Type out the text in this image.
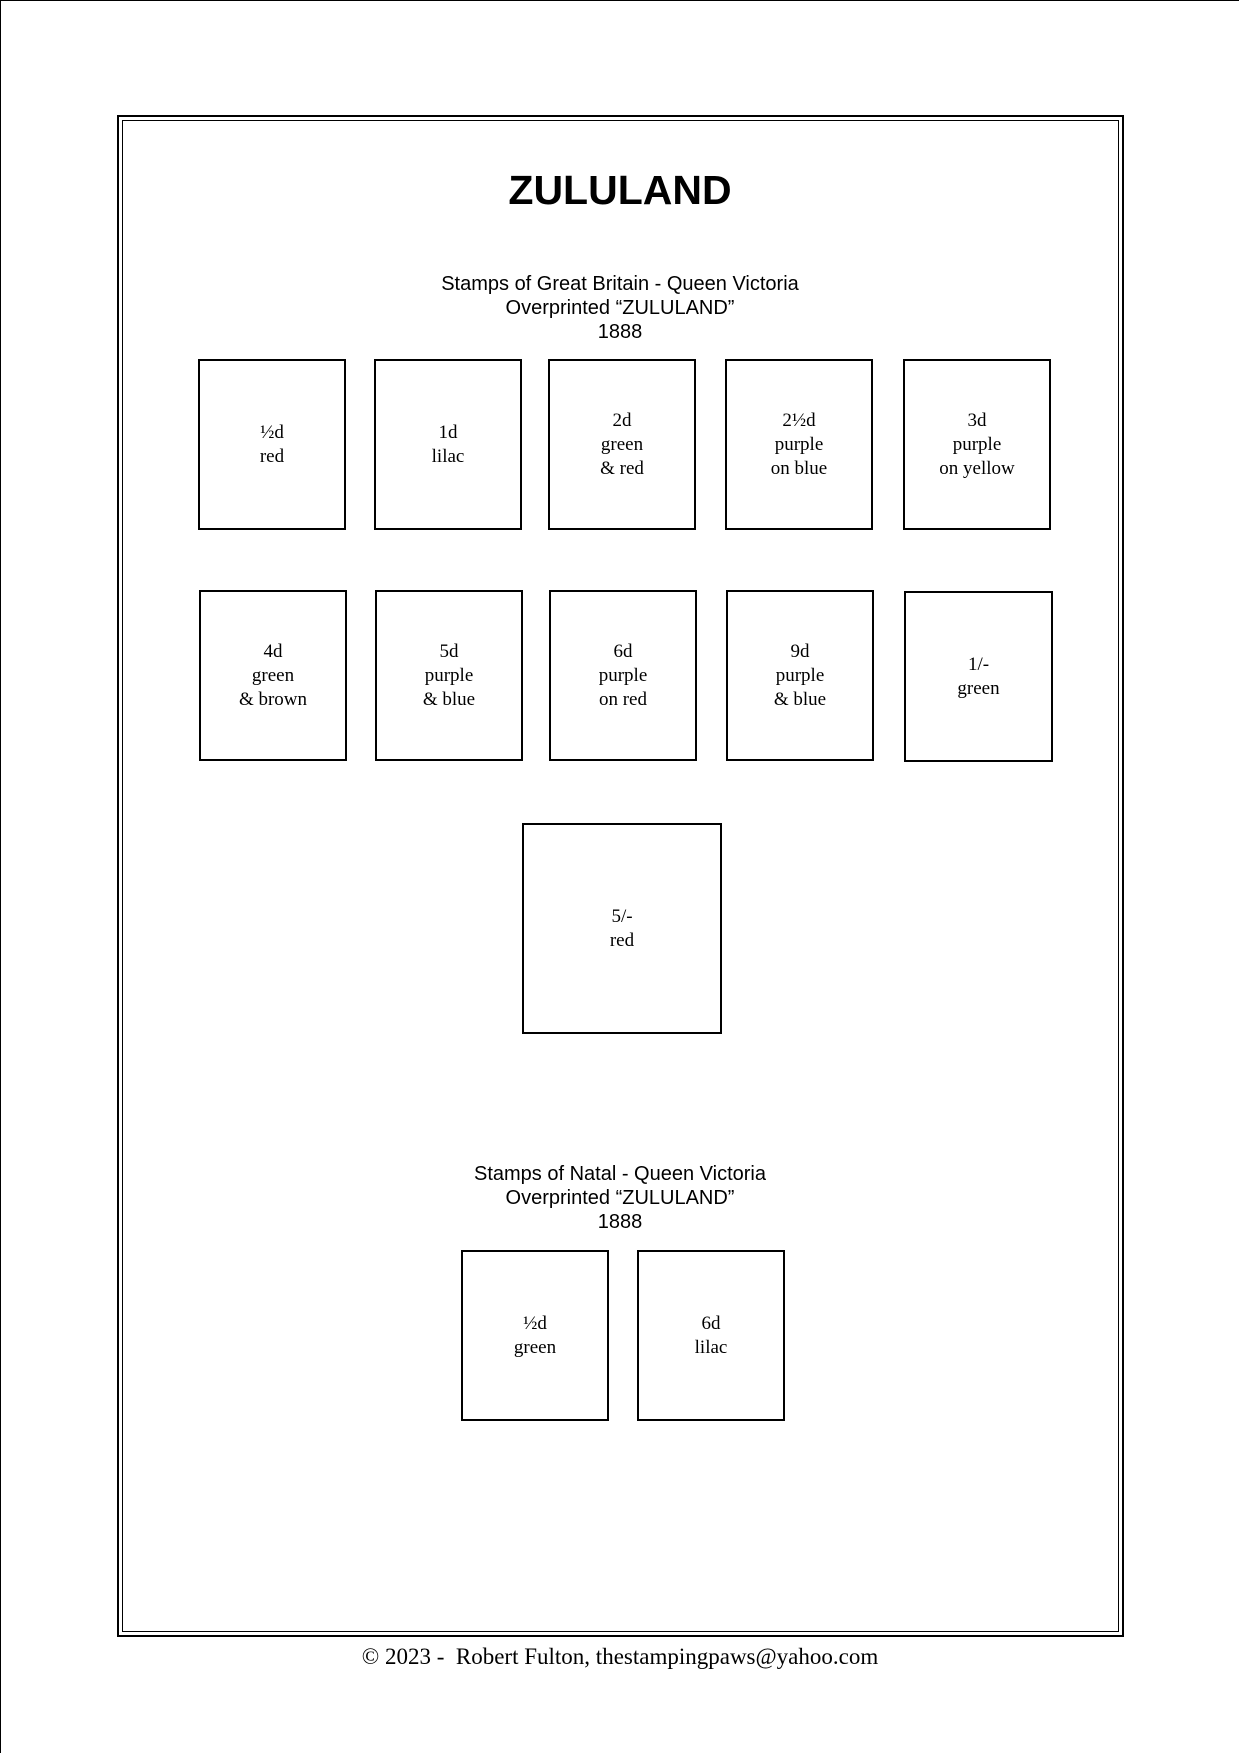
ZULULAND
Stamps of Great Britain - Queen Victoria
Overprinted “ZULULAND”
1888
½d
red
1d
lilac
2d
green
& red
2½d
purple
on blue
3d
purple
on yellow
4d
green
& brown
5d
purple
& blue
6d
purple
on red
9d
purple
& blue
1/-
green
5/-
red
Stamps of Natal - Queen Victoria
Overprinted “ZULULAND”
1888
½d
green
6d
lilac
© 2023 -  Robert Fulton, thestampingpaws@yahoo.com
